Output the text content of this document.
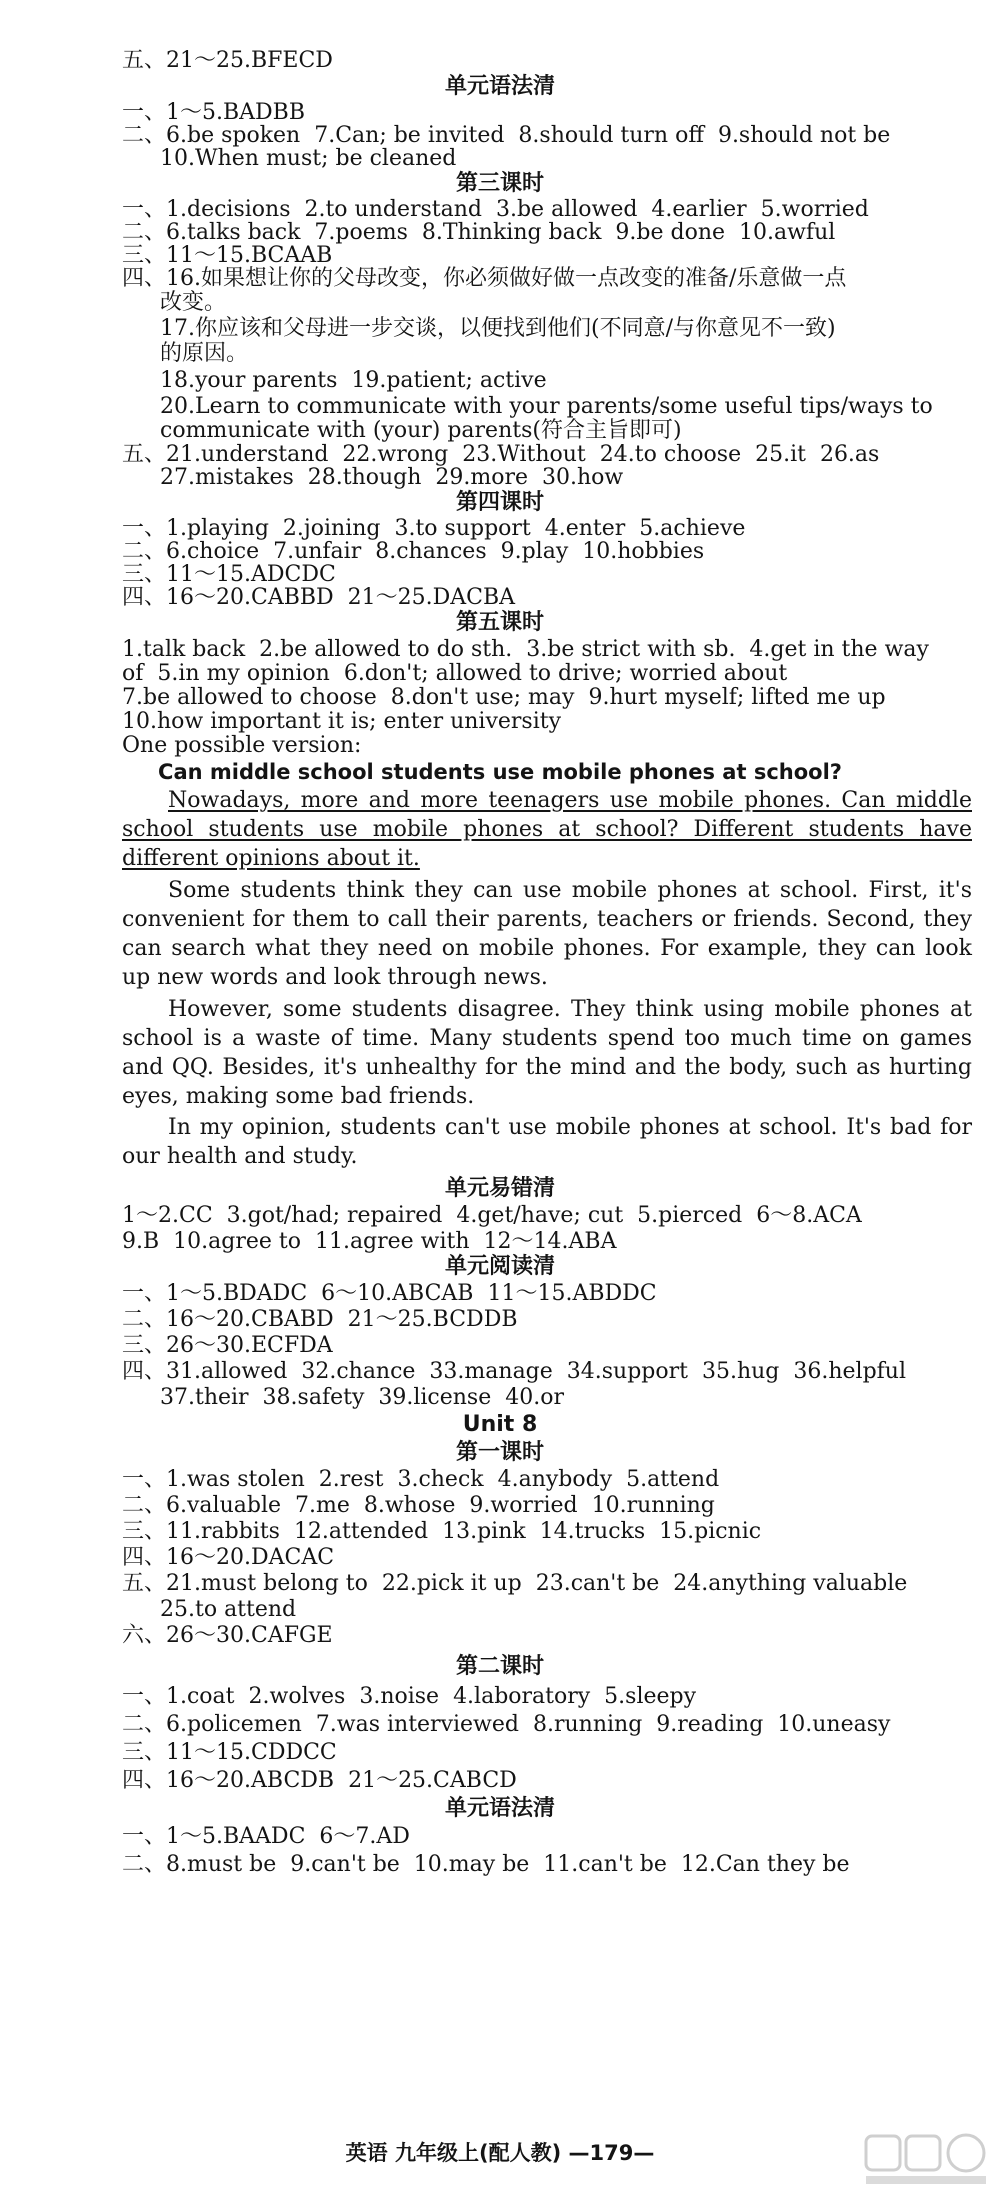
五、21～25.BFECD
单元语法清
一、1～5.BADBB
二、6.be spoken  7.Can; be invited  8.should turn off  9.should not be
10.When must; be cleaned
第三课时
一、1.decisions  2.to understand  3.be allowed  4.earlier  5.worried
二、6.talks back  7.poems  8.Thinking back  9.be done  10.awful
三、11～15.BCAAB
四、16.如果想让你的父母改变，你必须做好做一点改变的准备/乐意做一点
改变。
17.你应该和父母进一步交谈，以便找到他们(不同意/与你意见不一致)
的原因。
18.your parents  19.patient; active
20.Learn to communicate with your parents/some useful tips/ways to
communicate with (your) parents(符合主旨即可)
五、21.understand  22.wrong  23.Without  24.to choose  25.it  26.as
27.mistakes  28.though  29.more  30.how
第四课时
一、1.playing  2.joining  3.to support  4.enter  5.achieve
二、6.choice  7.unfair  8.chances  9.play  10.hobbies
三、11～15.ADCDC
四、16～20.CABBD  21～25.DACBA
第五课时
1.talk back  2.be allowed to do sth.  3.be strict with sb.  4.get in the way
of  5.in my opinion  6.don't; allowed to drive; worried about
7.be allowed to choose  8.don't use; may  9.hurt myself; lifted me up
10.how important it is; enter university
One possible version:
Can middle school students use mobile phones at school?
Nowadays, more and more teenagers use mobile phones. Can middle school students use mobile phones at school? Different students have different opinions about it.
Some students think they can use mobile phones at school. First, it's convenient for them to call their parents, teachers or friends. Second, they can search what they need on mobile phones. For example, they can look up new words and look through news.
However, some students disagree. They think using mobile phones at school is a waste of time. Many students spend too much time on games and QQ. Besides, it's unhealthy for the mind and the body, such as hurting eyes, making some bad friends.
In my opinion, students can't use mobile phones at school. It's bad for our health and study.
单元易错清
1～2.CC  3.got/had; repaired  4.get/have; cut  5.pierced  6～8.ACA
9.B  10.agree to  11.agree with  12～14.ABA
单元阅读清
一、1～5.BDADC  6～10.ABCAB  11～15.ABDDC
二、16～20.CBABD  21～25.BCDDB
三、26～30.ECFDA
四、31.allowed  32.chance  33.manage  34.support  35.hug  36.helpful
37.their  38.safety  39.license  40.or
Unit 8
第一课时
一、1.was stolen  2.rest  3.check  4.anybody  5.attend
二、6.valuable  7.me  8.whose  9.worried  10.running
三、11.rabbits  12.attended  13.pink  14.trucks  15.picnic
四、16～20.DACAC
五、21.must belong to  22.pick it up  23.can't be  24.anything valuable
25.to attend
六、26～30.CAFGE
第二课时
一、1.coat  2.wolves  3.noise  4.laboratory  5.sleepy
二、6.policemen  7.was interviewed  8.running  9.reading  10.uneasy
三、11～15.CDDCC
四、16～20.ABCDB  21～25.CABCD
单元语法清
一、1～5.BAADC  6～7.AD
二、8.must be  9.can't be  10.may be  11.can't be  12.Can they be
英语 九年级上(配人教) —179—
